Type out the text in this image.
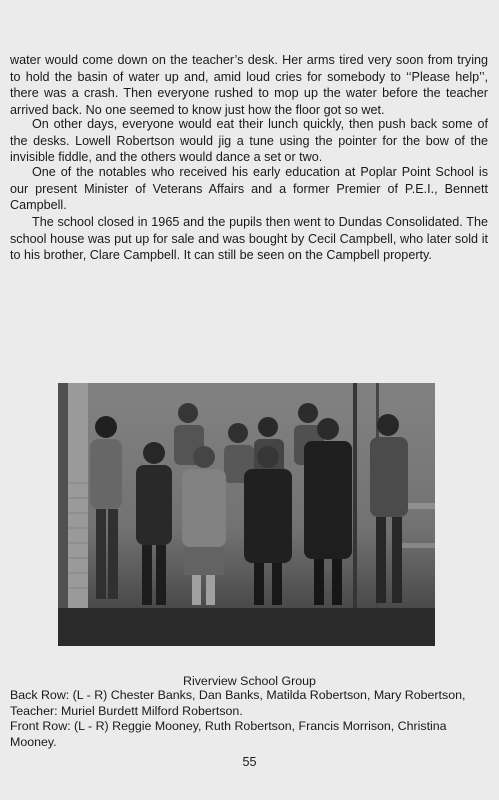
water would come down on the teacher’s desk. Her arms tired very soon from trying to hold the basin of water up and, amid loud cries for somebody to ‘‘Please help’’, there was a crash. Then everyone rushed to mop up the water before the teacher arrived back. No one seemed to know just how the floor got so wet.

On other days, everyone would eat their lunch quickly, then push back some of the desks. Lowell Robertson would jig a tune using the pointer for the bow of the invisible fiddle, and the others would dance a set or two.

One of the notables who received his early education at Poplar Point School is our present Minister of Veterans Affairs and a former Premier of P.E.I., Bennett Campbell.

The school closed in 1965 and the pupils then went to Dundas Consolidated. The school house was put up for sale and was bought by Cecil Campbell, who later sold it to his brother, Clare Campbell. It can still be seen on the Campbell property.

Riverview School Group

Back Row: (L - R) Chester Banks, Dan Banks, Matilda Robertson, Mary Robertson, Teacher: Muriel Burdett Milford Robertson.

Front Row: (L - R) Reggie Mooney, Ruth Robertson, Francis Morrison, Christina Mooney.

55
